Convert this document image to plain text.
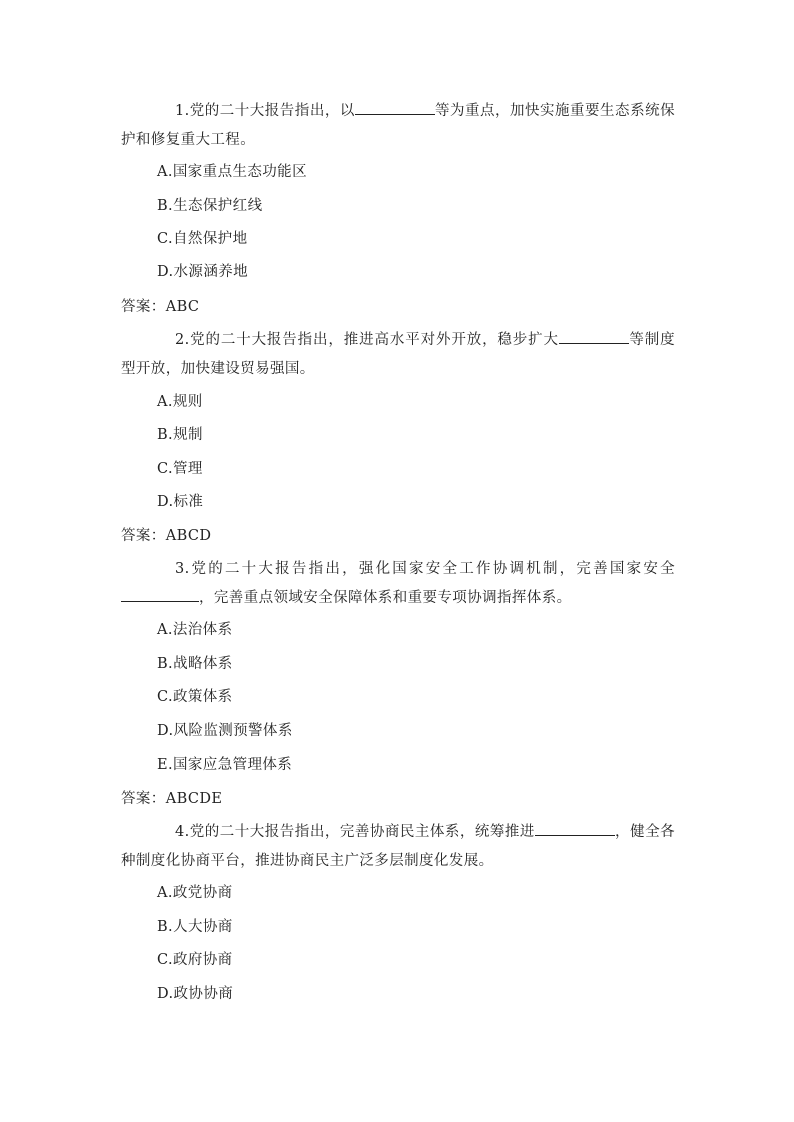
1.党的二十大报告指出，以	等为重点，加快实施重要生态系统保护和修复重大工程。
A.国家重点生态功能区
B.生态保护红线
C.自然保护地
D.水源涵养地
答案：ABC
2.党的二十大报告指出，推进高水平对外开放，稳步扩大	等制度型开放，加快建设贸易强国。
A.规则
B.规制
C.管理
D.标准
答案：ABCD
3.党的二十大报告指出，强化国家安全工作协调机制，完善国家安全，完善重点领域安全保障体系和重要专项协调指挥体系。
A.法治体系
B.战略体系
C.政策体系
D.风险监测预警体系
E.国家应急管理体系
答案：ABCDE
4.党的二十大报告指出，完善协商民主体系，统筹推进	，健全各种制度化协商平台，推进协商民主广泛多层制度化发展。
A.政党协商
B.人大协商
C.政府协商
D.政协协商
